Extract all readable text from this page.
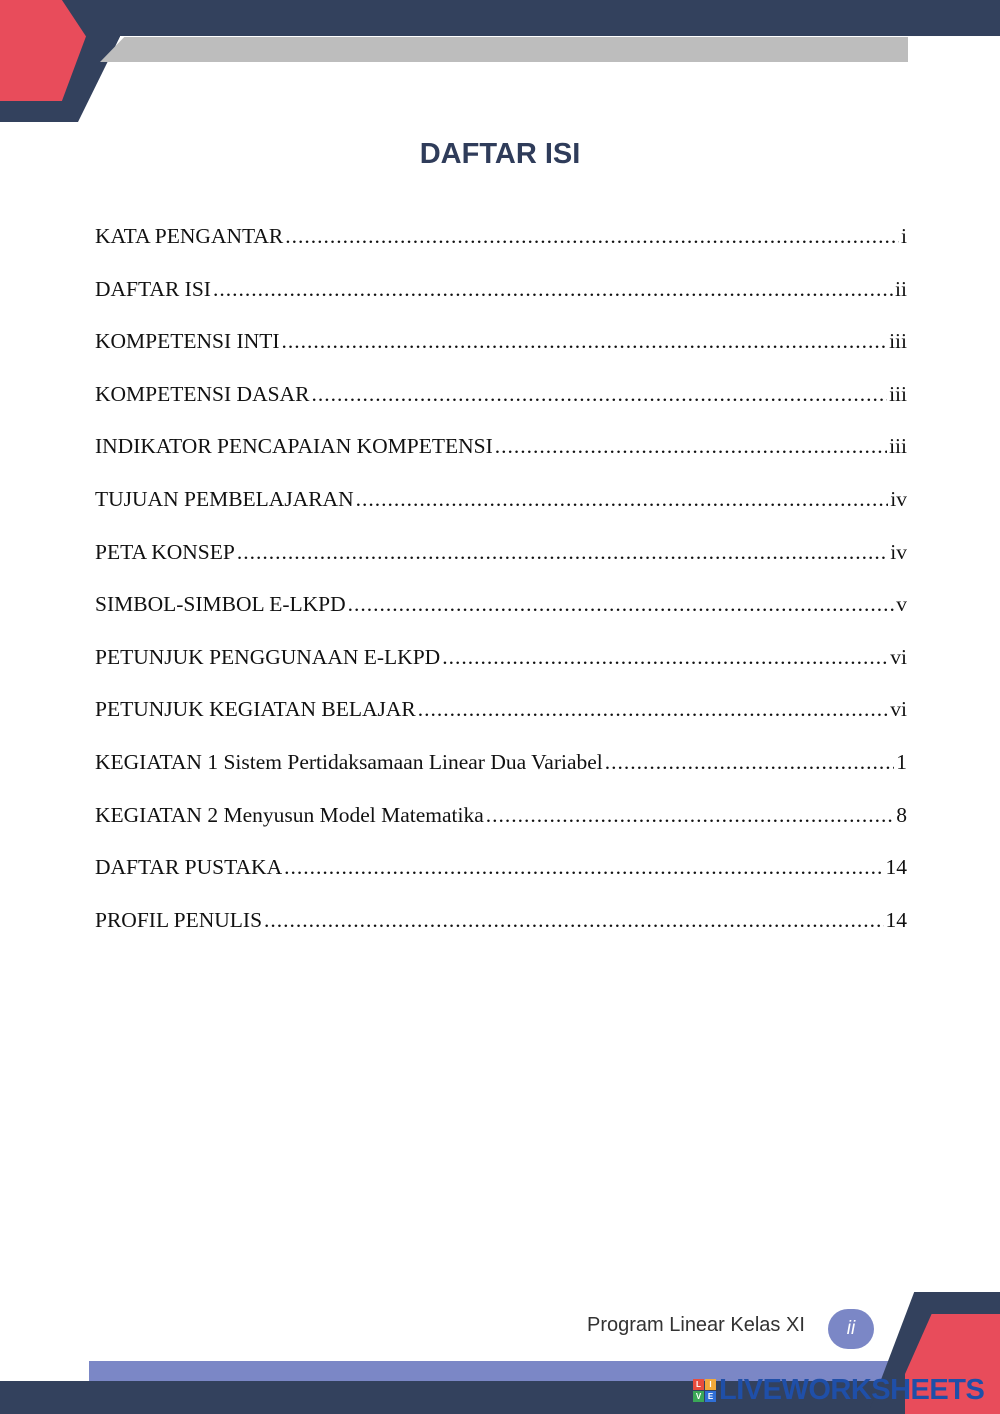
DAFTAR ISI
KATA PENGANTAR .....	i
DAFTAR ISI .....	ii
KOMPETENSI INTI .....	iii
KOMPETENSI DASAR .....	iii
INDIKATOR PENCAPAIAN KOMPETENSI .....	iii
TUJUAN PEMBELAJARAN .....	iv
PETA KONSEP .....	iv
SIMBOL-SIMBOL E-LKPD .....	v
PETUNJUK PENGGUNAAN E-LKPD .....	vi
PETUNJUK KEGIATAN BELAJAR .....	vi
KEGIATAN 1 Sistem Pertidaksamaan Linear Dua Variabel .....	1
KEGIATAN 2 Menyusun Model Matematika .....	8
DAFTAR PUSTAKA .....	14
PROFIL PENULIS .....	14
Program Linear Kelas XI	ii
L	I
V E LIVEWORKSHEETS
